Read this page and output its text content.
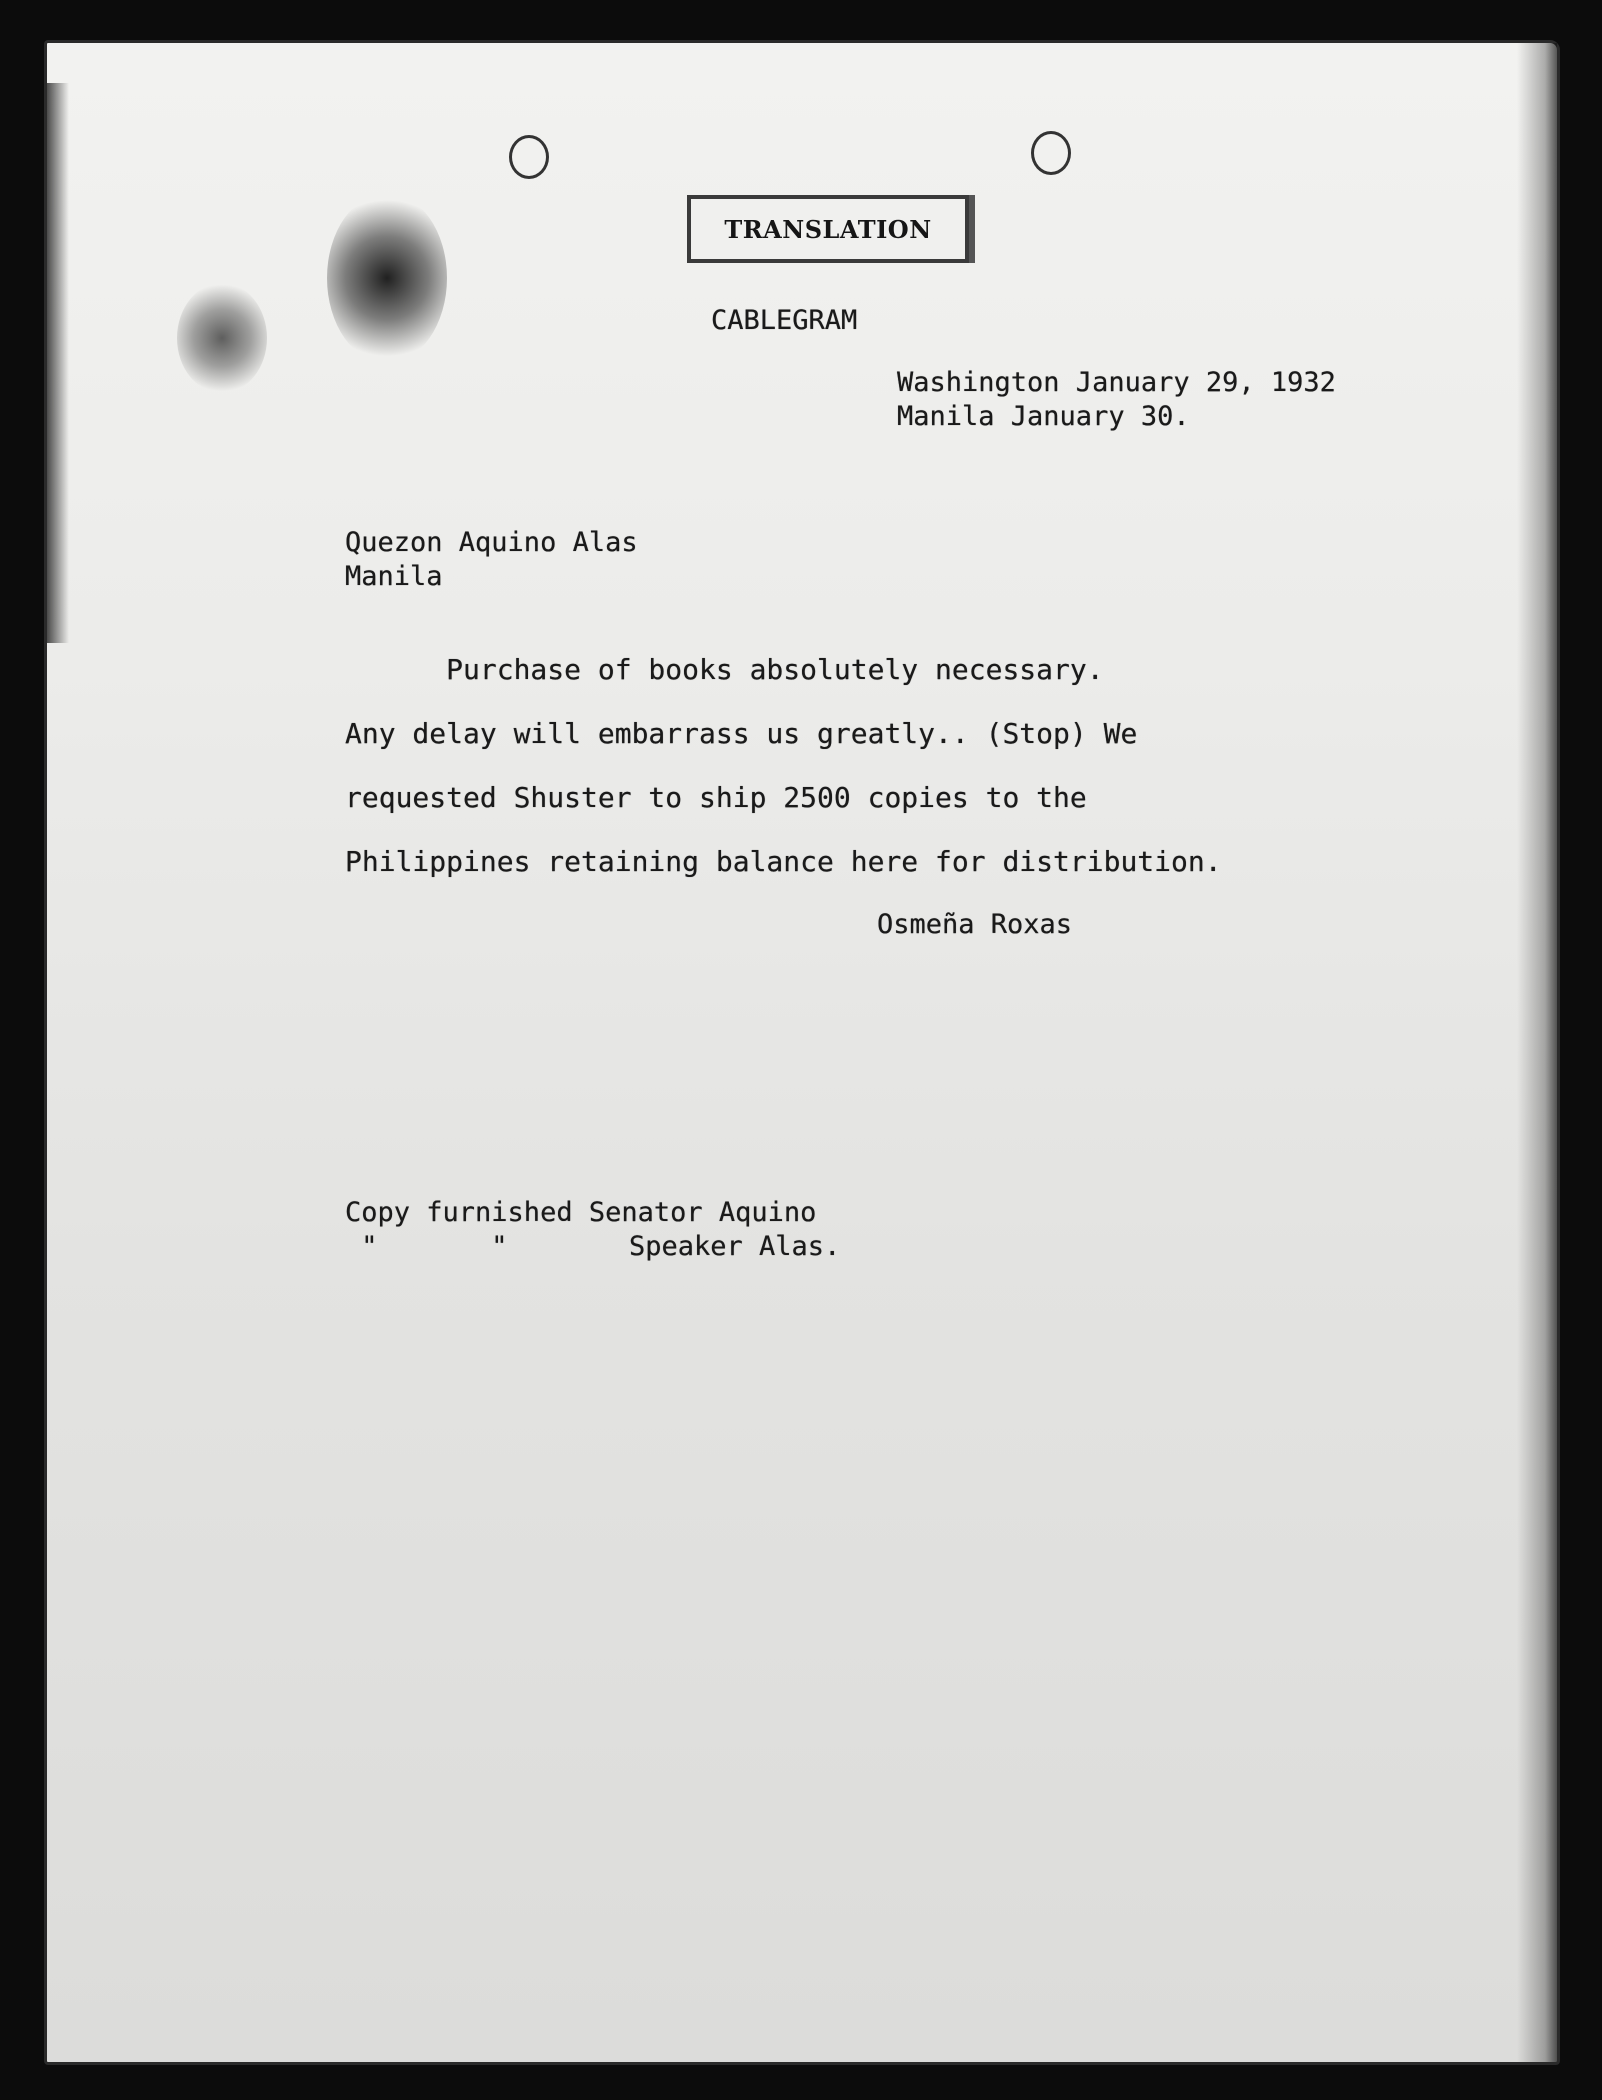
TRANSLATION
CABLEGRAM
Washington January 29, 1932
Manila January 30.
Quezon Aquino Alas
Manila
Purchase of books absolutely necessary.
Any delay will embarrass us greatly.. (Stop) We
requested Shuster to ship 2500 copies to the
Philippines retaining balance here for distribution.
Osmeña Roxas
Copy furnished Senator Aquino
"       "	Speaker Alas.
